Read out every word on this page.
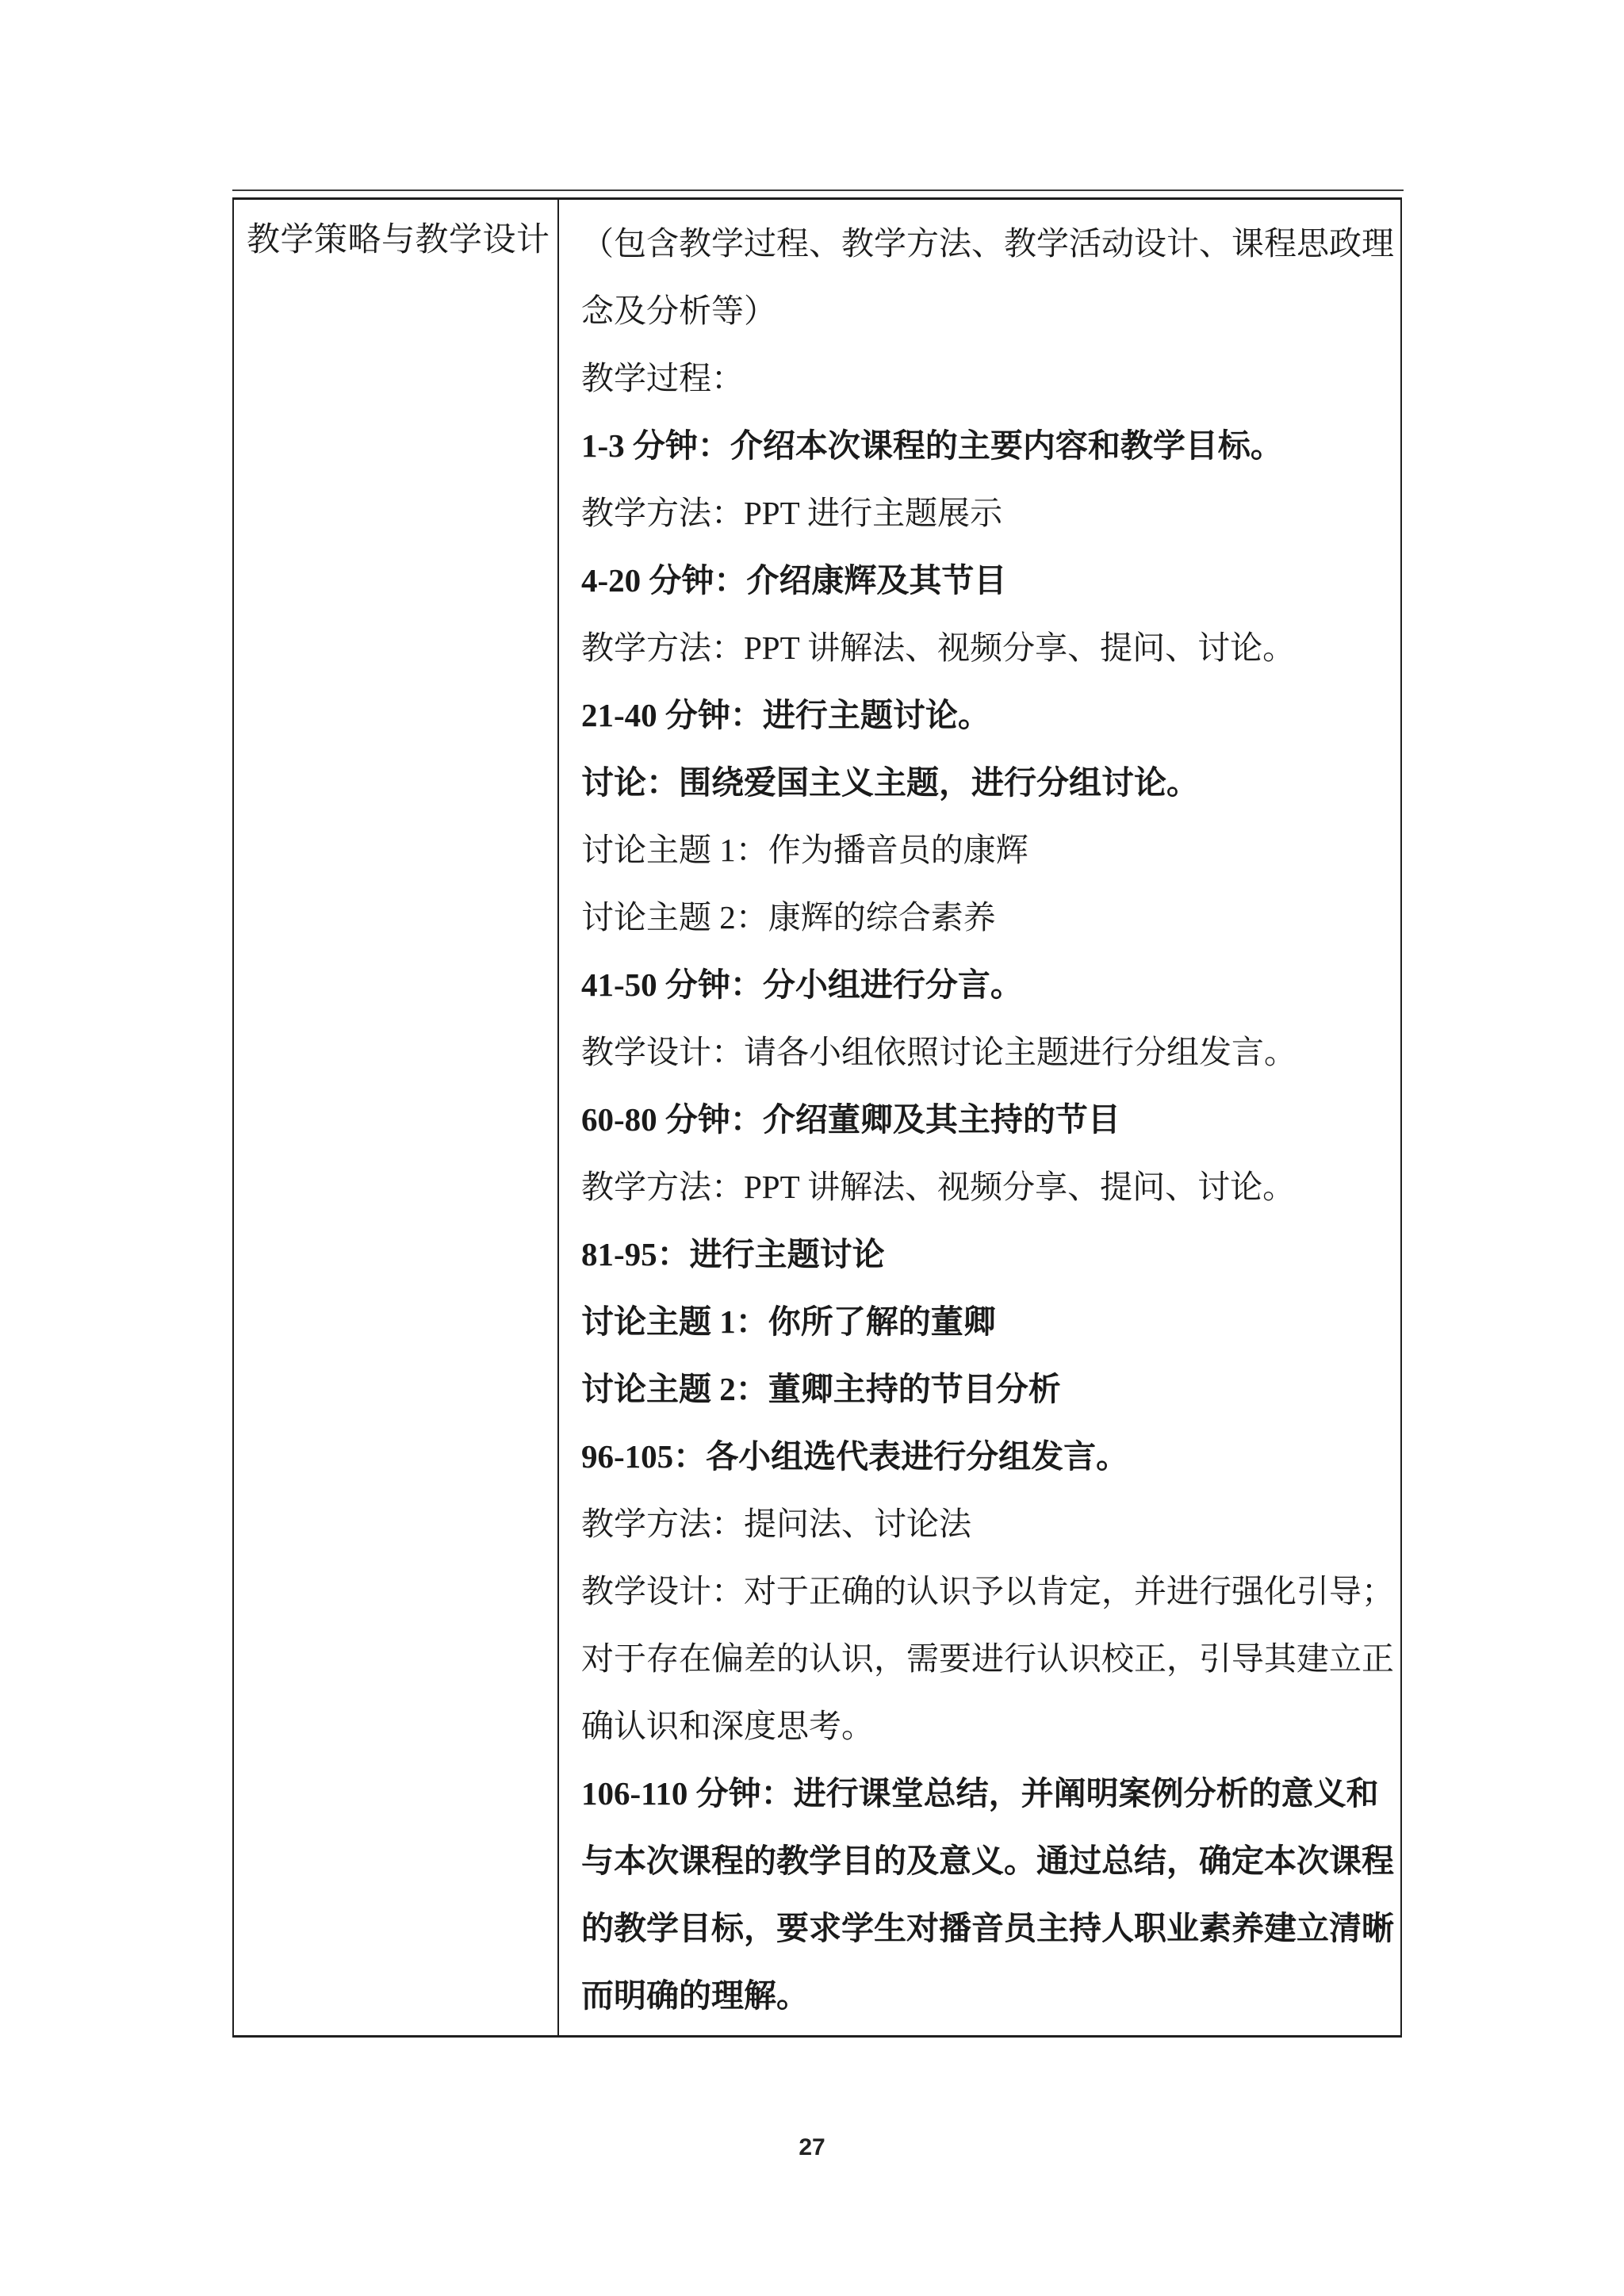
教学策略与教学设计 （包含教学过程、教学方法、教学活动设计、课程思政理
念及分析等）
教学过程：
1-3 分钟：介绍本次课程的主要内容和教学目标。
教学方法：PPT 进行主题展示
4-20 分钟：介绍康辉及其节目
教学方法：PPT 讲解法、视频分享、提问、讨论。
21-40 分钟：进行主题讨论。
讨论：围绕爱国主义主题，进行分组讨论。
讨论主题 1：作为播音员的康辉
讨论主题 2：康辉的综合素养
41-50 分钟：分小组进行分言。
教学设计：请各小组依照讨论主题进行分组发言。
60-80 分钟：介绍董卿及其主持的节目
教学方法：PPT 讲解法、视频分享、提问、讨论。
81-95：进行主题讨论
讨论主题 1：你所了解的董卿
讨论主题 2：董卿主持的节目分析
96-105：各小组选代表进行分组发言。
教学方法：提问法、讨论法
教学设计：对于正确的认识予以肯定，并进行强化引导；
对于存在偏差的认识，需要进行认识校正，引导其建立正
确认识和深度思考。
106-110 分钟：进行课堂总结，并阐明案例分析的意义和
与本次课程的教学目的及意义。通过总结，确定本次课程
的教学目标，要求学生对播音员主持人职业素养建立清晰
而明确的理解。
27
